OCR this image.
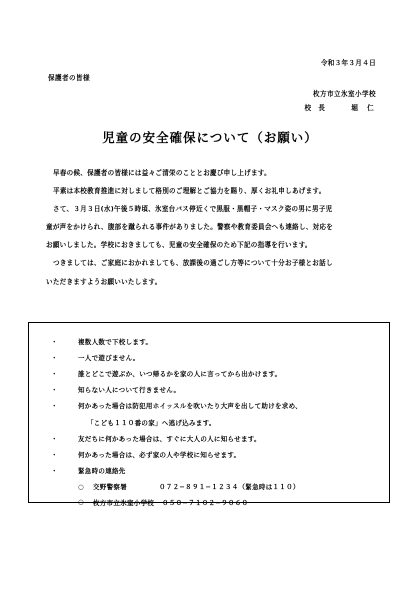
令和３年３月４日
保護者の皆様
枚方市立氷室小学校
校　長	堀 仁
児童の安全確保について（お願い）

早春の候、保護者の皆様には益々ご清栄のこととお慶び申し上げます。

平素は本校教育推進に対しまして格別のご理解とご協力を賜り、厚くお礼申しあげます。

さて、３月３日(水)午後５時頃、氷室台バス停近くで黒服・黒帽子・マスク姿の男に男子児

童が声をかけられ、腹部を蹴られる事件がありました。警察や教育委員会へも連絡し、対応を

お願いしました。学校におきましても、児童の安全確保のため下記の指導を行います。

つきましては、ご家庭におかれましても、放課後の過ごし方等について十分お子様とお話し

いただきますようお願いいたします。

・	複数人数で下校します。
・	一人で遊びません。
・	誰とどこで遊ぶか、いつ帰るかを家の人に言ってから出かけます。
・	知らない人について行きません。
・	何かあった場合は防犯用ホイッスルを吹いたり大声を出して助けを求め、
「こども１１０番の家」へ逃げ込みます。
・	友だちに何かあった場合は、すぐに大人の人に知らせます。
・	何かあった場合は、必ず家の人や学校に知らせます。
・	緊急時の連絡先
○	交野警察署	０７２−８９１−１２３４（緊急時は１１０）
○	枚方市立氷室小学校	０５０−７１０２−９０６０
